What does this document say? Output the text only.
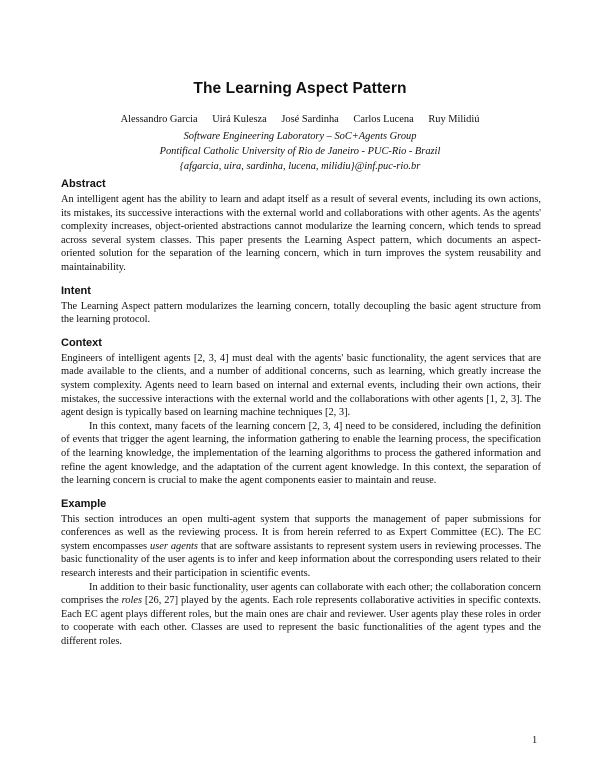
The Learning Aspect Pattern
Alessandro Garcia Uirá Kulesza José Sardinha Carlos Lucena Ruy Milidiú
Software Engineering Laboratory – SoC+Agents Group
Pontifical Catholic University of Rio de Janeiro - PUC-Rio - Brazil
{afgarcia, uira, sardinha, lucena, milidiu}@inf.puc-rio.br
Abstract

An intelligent agent has the ability to learn and adapt itself as a result of several events, including its own actions, its mistakes, its successive interactions with the external world and collaborations with other agents. As the agents' complexity increases, object-oriented abstractions cannot modularize the learning concern, which tends to spread across several system classes. This paper presents the Learning Aspect pattern, which documents an aspect-oriented solution for the separation of the learning concern, which in turn improves the system reusability and maintainability.

Intent

The Learning Aspect pattern modularizes the learning concern, totally decoupling the basic agent structure from the learning protocol.

Context

Engineers of intelligent agents [2, 3, 4] must deal with the agents' basic functionality, the agent services that are made available to the clients, and a number of additional concerns, such as learning, which greatly increase the system complexity. Agents need to learn based on internal and external events, including their own actions, their mistakes, the successive interactions with the external world and the collaborations with other agents [1, 2, 3]. The agent design is typically based on learning machine techniques [2, 3].

In this context, many facets of the learning concern [2, 3, 4] need to be considered, including the definition of events that trigger the agent learning, the information gathering to enable the learning process, the specification of the learning knowledge, the implementation of the learning algorithms to process the gathered information and refine the agent knowledge, and the adaptation of the current agent knowledge. In this context, the separation of the learning concern is crucial to make the agent components easier to maintain and reuse.

Example

This section introduces an open multi-agent system that supports the management of paper submissions for conferences as well as the reviewing process. It is from herein referred to as Expert Committee (EC). The EC system encompasses user agents that are software assistants to represent system users in reviewing processes. The basic functionality of the user agents is to infer and keep information about the corresponding users related to their research interests and their participation in scientific events.

In addition to their basic functionality, user agents can collaborate with each other; the collaboration concern comprises the roles [26, 27] played by the agents. Each role represents collaborative activities in specific contexts. Each EC agent plays different roles, but the main ones are chair and reviewer. User agents play these roles in order to cooperate with each other. Classes are used to represent the basic functionalities of the agent types and the different roles.

1
